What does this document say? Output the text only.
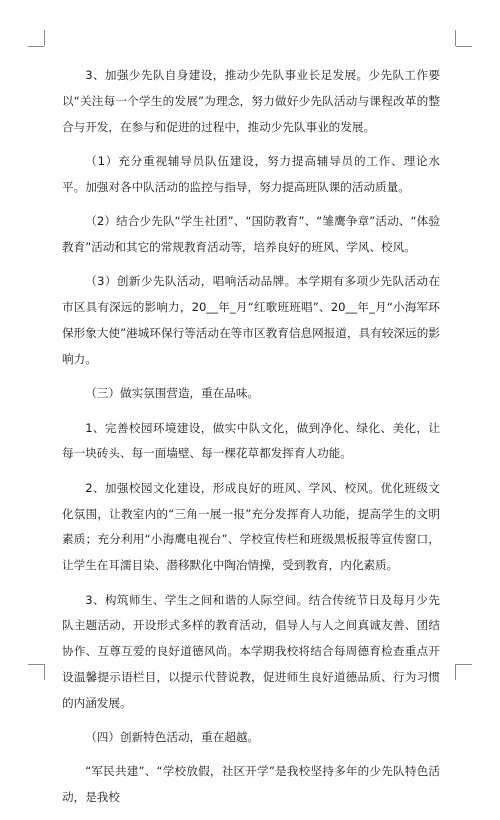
3、加强少先队自身建设，推动少先队事业长足发展。少先队工作要以“关注每一个学生的发展”为理念，努力做好少先队活动与课程改革的整合与开发，在参与和促进的过程中，推动少先队事业的发展。

（1）充分重视辅导员队伍建设，努力提高辅导员的工作、理论水平。加强对各中队活动的监控与指导，努力提高班队课的活动质量。

（2）结合少先队“学生社团”、“国防教育”、“雏鹰争章”活动、“体验教育”活动和其它的常规教育活动等，培养良好的班风、学风、校风。

（3）创新少先队活动，唱响活动品牌。本学期有多项少先队活动在市区具有深远的影响力，20__年_月“红歌班班唱”、20__年_月“小海军环保形象大使”港城环保行等活动在等市区教育信息网报道，具有较深远的影响力。

（三）做实氛围营造，重在品味。

1、完善校园环境建设，做实中队文化，做到净化、绿化、美化，让每一块砖头、每一面墙壁、每一棵花草都发挥育人功能。

2、加强校园文化建设，形成良好的班风、学风、校风。优化班级文化氛围，让教室内的“三角一展一报”充分发挥育人功能，提高学生的文明素质；充分利用“小海鹰电视台”、学校宣传栏和班级黑板报等宣传窗口，让学生在耳濡目染、潜移默化中陶冶情操，受到教育，内化素质。

3、构筑师生、学生之间和谐的人际空间。结合传统节日及每月少先队主题活动，开设形式多样的教育活动，倡导人与人之间真诚友善、团结协作、互尊互爱的良好道德风尚。本学期我校将结合每周德育检查重点开设温馨提示语栏目，以提示代替说教，促进师生良好道德品质、行为习惯的内涵发展。

（四）创新特色活动，重在超越。

“军民共建”、“学校放假，社区开学”是我校坚持多年的少先队特色活动，是我校
